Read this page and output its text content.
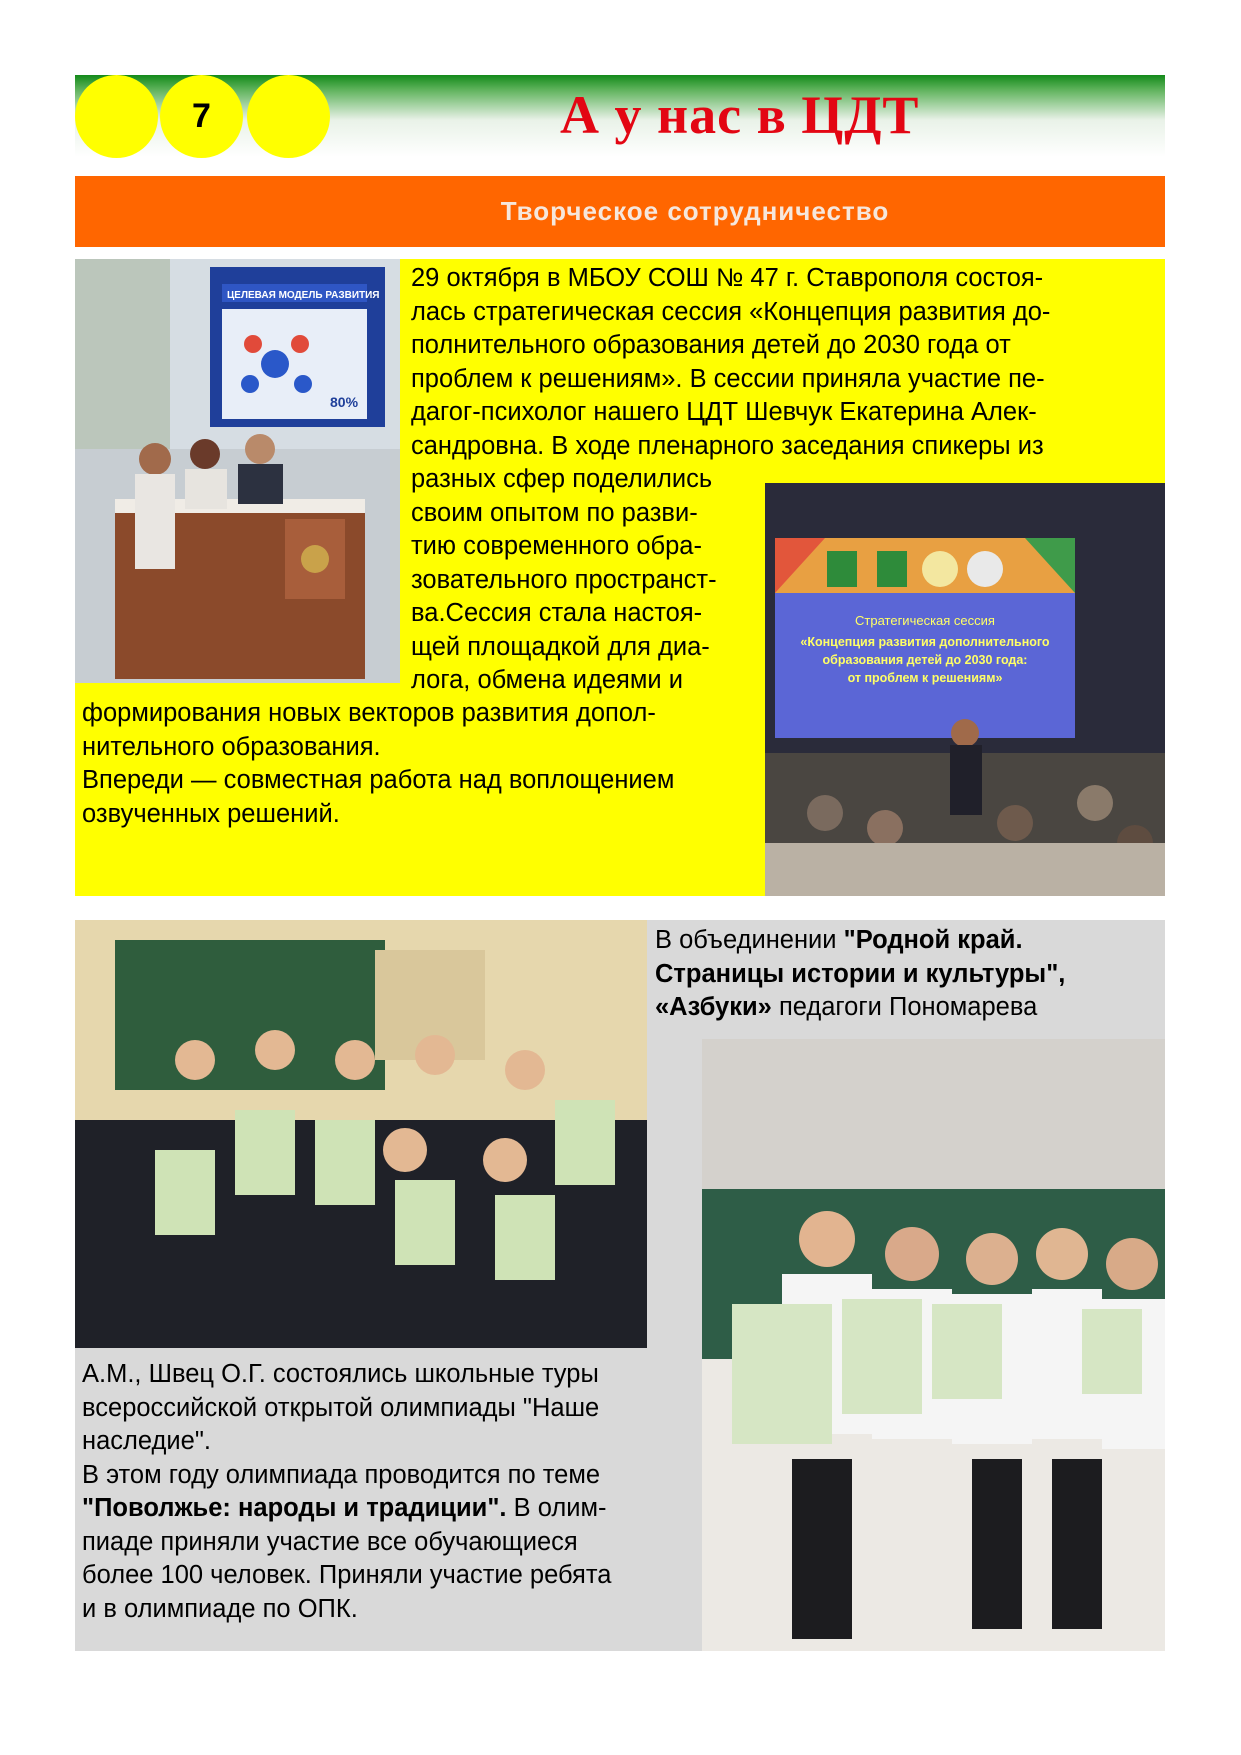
7	А у нас в ЦДТ
Творческое сотрудничество
ЦЕЛЕВАЯ МОДЕЛЬ РАЗВИТИЯ
80%
Стратегическая сессия
«Концепция развития дополнительного
образования детей до 2030 года:
от проблем к решениям»
29 октября в МБОУ СОШ № 47 г. Ставрополя состоя-
лась стратегическая сессия «Концепция развития до-
полнительного образования детей до 2030 года от
проблем к решениям». В сессии приняла участие пе-
дагог-психолог нашего ЦДТ Шевчук Екатерина Алек-
сандровна. В ходе пленарного заседания спикеры из
разных сфер поделились
своим опытом по разви-
тию современного обра-
зовательного пространст-
ва.Сессия стала настоя-
щей площадкой для диа-
лога, обмена идеями и
формирования новых векторов развития допол-
нительного образования.
Впереди — совместная работа над воплощением
озвученных решений.
В объединении "Родной край.
Страницы истории и культуры",
«Азбуки» педагоги Пономарева
А.М., Швец О.Г. состоялись школьные туры
всероссийской открытой олимпиады "Наше
наследие".
В этом году олимпиада проводится по теме
"Поволжье: народы и традиции". В олим-
пиаде приняли участие все обучающиеся
более 100 человек. Приняли участие ребята
и в олимпиаде по ОПК.
